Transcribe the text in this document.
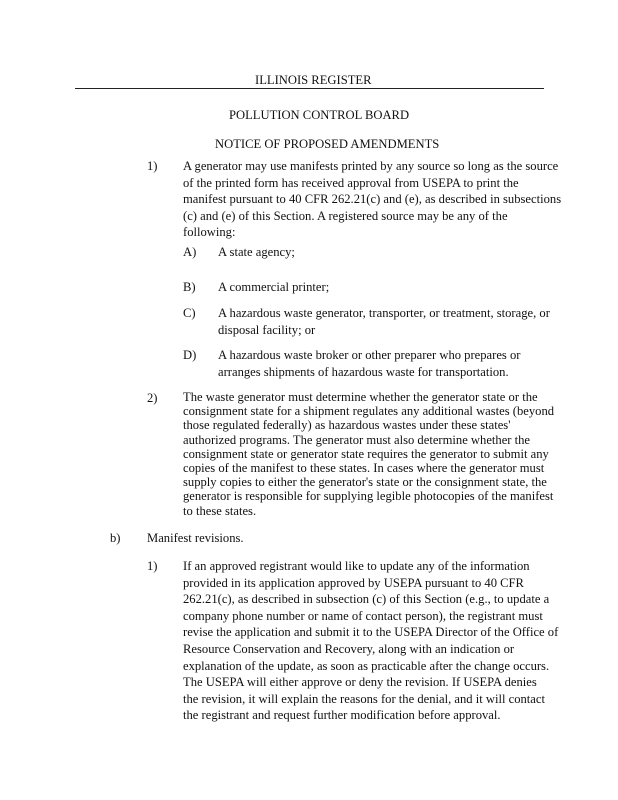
ILLINOIS REGISTER
POLLUTION CONTROL BOARD
NOTICE OF PROPOSED AMENDMENTS
1) A generator may use manifests printed by any source so long as the source
of the printed form has received approval from USEPA to print the
manifest pursuant to 40 CFR 262.21(c) and (e), as described in subsections
(c) and (e) of this Section. A registered source may be any of the
following:
A) A state agency;
B) A commercial printer;
C) A hazardous waste generator, transporter, or treatment, storage, or
disposal facility; or
D) A hazardous waste broker or other preparer who prepares or
arranges shipments of hazardous waste for transportation.
2) The waste generator must determine whether the generator state or the
consignment state for a shipment regulates any additional wastes (beyond
those regulated federally) as hazardous wastes under these states'
authorized programs. The generator must also determine whether the
consignment state or generator state requires the generator to submit any
copies of the manifest to these states. In cases where the generator must
supply copies to either the generator's state or the consignment state, the
generator is responsible for supplying legible photocopies of the manifest
to these states.
b) Manifest revisions.
1) If an approved registrant would like to update any of the information
provided in its application approved by USEPA pursuant to 40 CFR
262.21(c), as described in subsection (c) of this Section (e.g., to update a
company phone number or name of contact person), the registrant must
revise the application and submit it to the USEPA Director of the Office of
Resource Conservation and Recovery, along with an indication or
explanation of the update, as soon as practicable after the change occurs.
The USEPA will either approve or deny the revision. If USEPA denies
the revision, it will explain the reasons for the denial, and it will contact
the registrant and request further modification before approval.
